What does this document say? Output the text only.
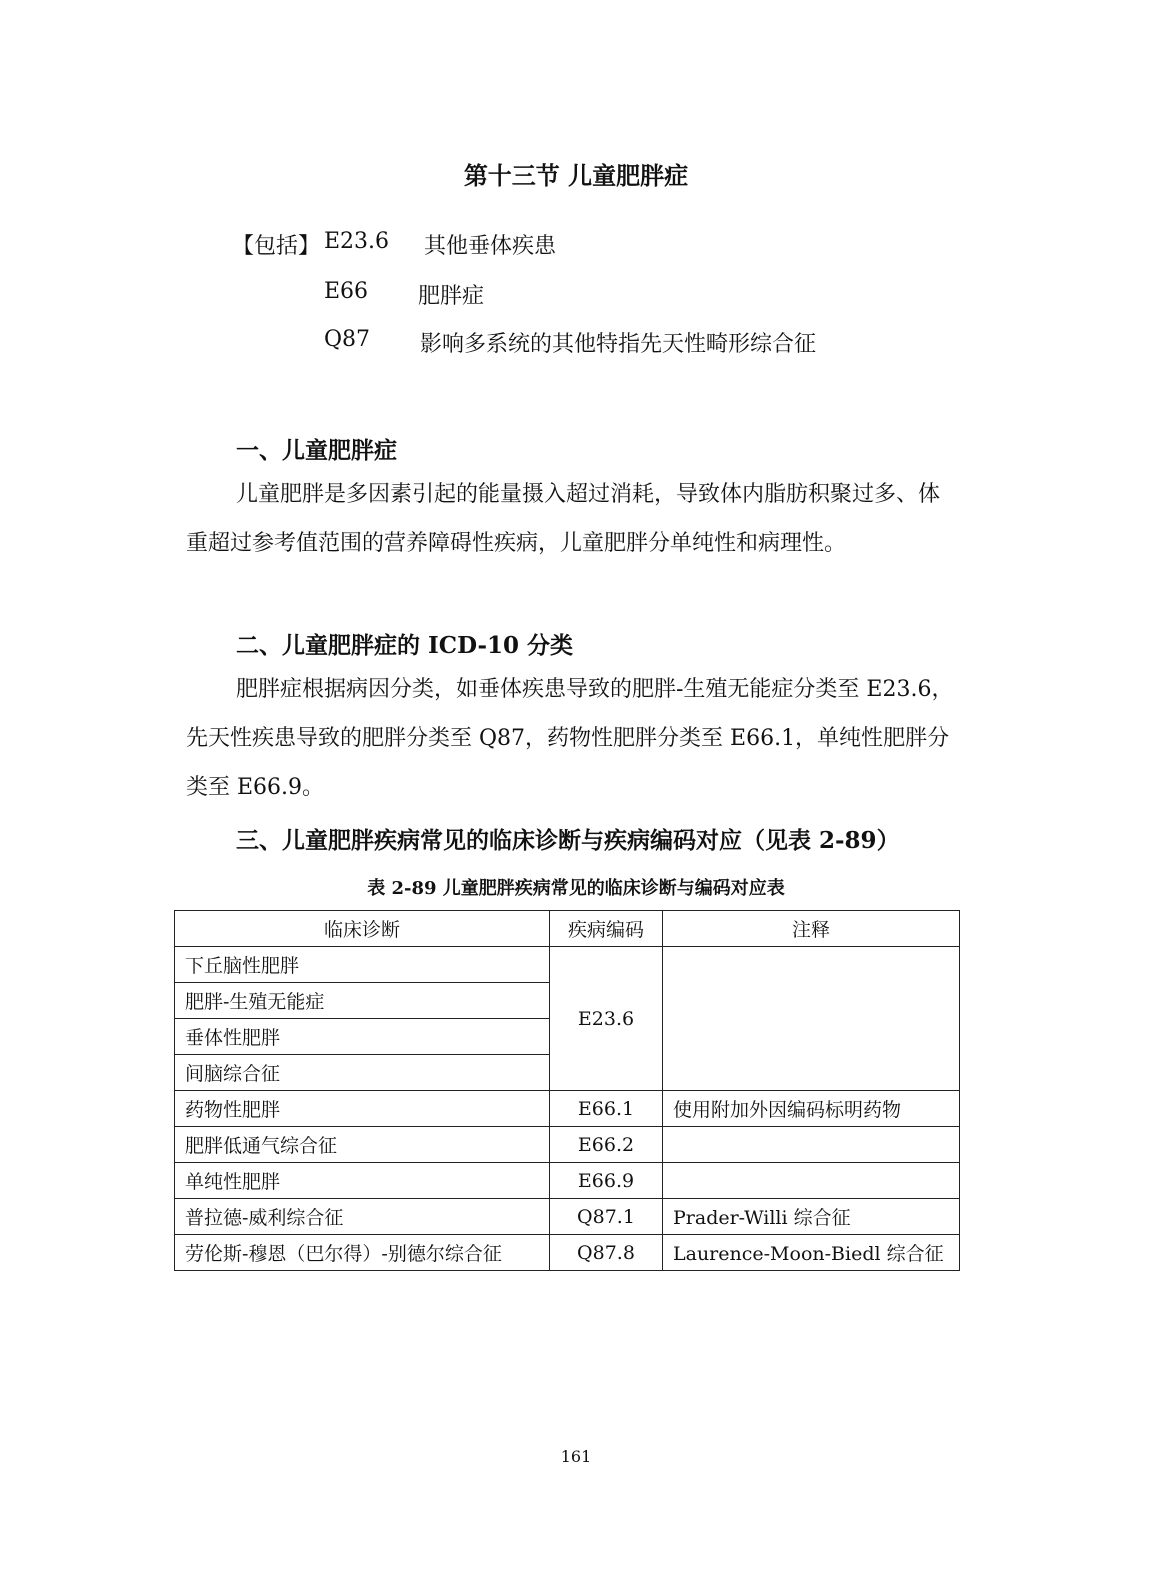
第十三节 儿童肥胖症
【包括】 E23.6 其他垂体疾患
E66 肥胖症
Q87 影响多系统的其他特指先天性畸形综合征
一、儿童肥胖症

儿童肥胖是多因素引起的能量摄入超过消耗，导致体内脂肪积聚过多、体重超过参考值范围的营养障碍性疾病，儿童肥胖分单纯性和病理性。

二、儿童肥胖症的 ICD-10 分类

肥胖症根据病因分类，如垂体疾患导致的肥胖-生殖无能症分类至 E23.6，先天性疾患导致的肥胖分类至 Q87，药物性肥胖分类至 E66.1，单纯性肥胖分类至 E66.9。

三、儿童肥胖疾病常见的临床诊断与疾病编码对应（见表 2-89）
表 2-89 儿童肥胖疾病常见的临床诊断与编码对应表
临床诊断	疾病编码	注释
下丘脑性肥胖	E23.6	
肥胖-生殖无能症		
垂体性肥胖		
间脑综合征		
药物性肥胖	E66.1	使用附加外因编码标明药物
肥胖低通气综合征	E66.2	
单纯性肥胖	E66.9	
普拉德-威利综合征	Q87.1	Prader-Willi 综合征
劳伦斯-穆恩（巴尔得）-别德尔综合征	Q87.8	Laurence-Moon-Biedl 综合征
161
